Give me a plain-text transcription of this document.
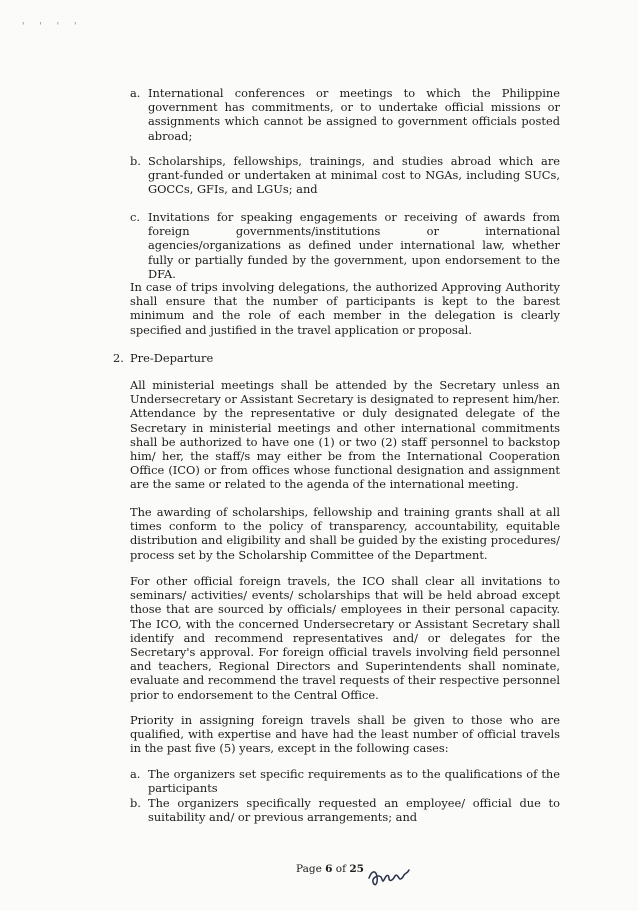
' ' ' '
a. International conferences or meetings to which the Philippine government has commitments, or to undertake official missions or assignments which cannot be assigned to government officials posted abroad;
b. Scholarships, fellowships, trainings, and studies abroad which are grant-funded or undertaken at minimal cost to NGAs, including SUCs, GOCCs, GFIs, and LGUs; and
c. Invitations for speaking engagements or receiving of awards from foreign governments/institutions or international agencies/organizations as defined under international law, whether fully or partially funded by the government, upon endorsement to the DFA.
In case of trips involving delegations, the authorized Approving Authority shall ensure that the number of participants is kept to the barest minimum and the role of each member in the delegation is clearly specified and justified in the travel application or proposal.
2. Pre-Departure
All ministerial meetings shall be attended by the Secretary unless an Undersecretary or Assistant Secretary is designated to represent him/her. Attendance by the representative or duly designated delegate of the Secretary in ministerial meetings and other international commitments shall be authorized to have one (1) or two (2) staff personnel to backstop him/ her, the staff/s may either be from the International Cooperation Office (ICO) or from offices whose functional designation and assignment are the same or related to the agenda of the international meeting.
The awarding of scholarships, fellowship and training grants shall at all times conform to the policy of transparency, accountability, equitable distribution and eligibility and shall be guided by the existing procedures/ process set by the Scholarship Committee of the Department.
For other official foreign travels, the ICO shall clear all invitations to seminars/ activities/ events/ scholarships that will be held abroad except those that are sourced by officials/ employees in their personal capacity. The ICO, with the concerned Undersecretary or Assistant Secretary shall identify and recommend representatives and/ or delegates for the Secretary's approval. For foreign official travels involving field personnel and teachers, Regional Directors and Superintendents shall nominate, evaluate and recommend the travel requests of their respective personnel prior to endorsement to the Central Office.
Priority in assigning foreign travels shall be given to those who are qualified, with expertise and have had the least number of official travels in the past five (5) years, except in the following cases:
a. The organizers set specific requirements as to the qualifications of the participants
b. The organizers specifically requested an employee/ official due to suitability and/ or previous arrangements; and
Page 6 of 25
